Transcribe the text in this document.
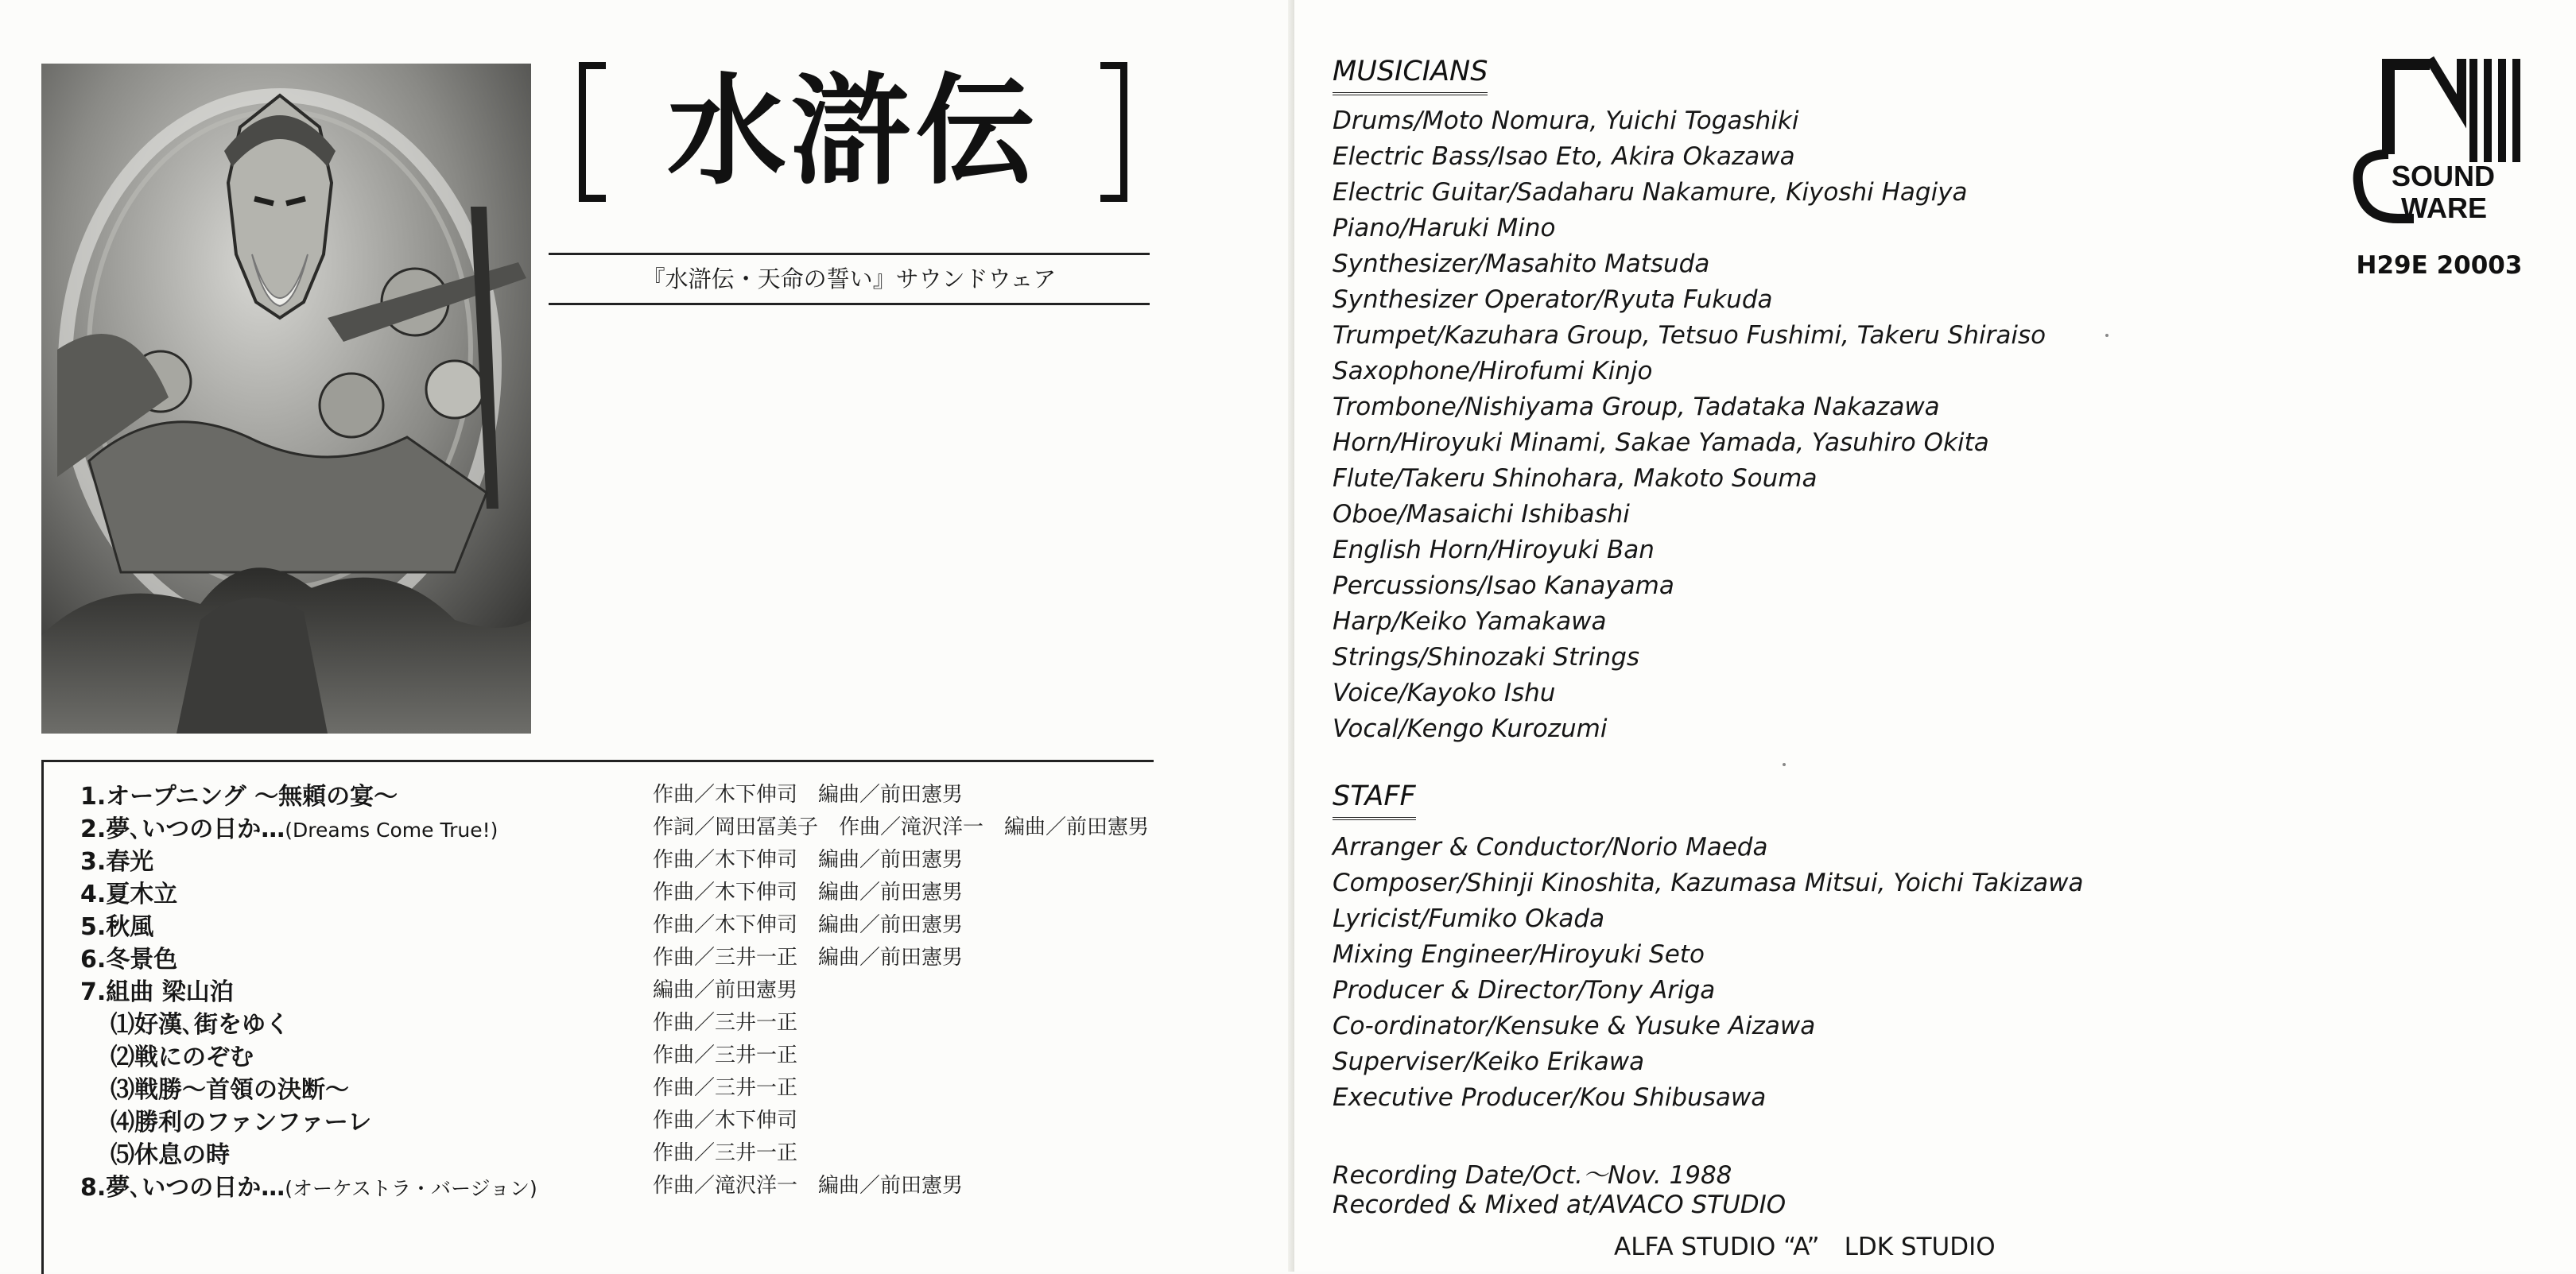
水滸伝
『水滸伝・天命の誓い』サウンドウェア
1.オープニング ～無頼の宴～	作曲／木下伸司　編曲／前田憲男
2.夢､いつの日か…(Dreams Come True!)	作詞／岡田冨美子　作曲／滝沢洋一　編曲／前田憲男
3.春光	作曲／木下伸司　編曲／前田憲男
4.夏木立	作曲／木下伸司　編曲／前田憲男
5.秋風	作曲／木下伸司　編曲／前田憲男
6.冬景色	作曲／三井一正　編曲／前田憲男
7.組曲 梁山泊	編曲／前田憲男
⑴好漢､街をゆく	作曲／三井一正
⑵戦にのぞむ	作曲／三井一正
⑶戦勝～首領の決断～	作曲／三井一正
⑷勝利のファンファーレ	作曲／木下伸司
⑸休息の時	作曲／三井一正
8.夢､いつの日か…(オーケストラ・バージョン)	作曲／滝沢洋一　編曲／前田憲男
MUSICIANS
Drums/Moto Nomura, Yuichi Togashiki
Electric Bass/Isao Eto, Akira Okazawa
Electric Guitar/Sadaharu Nakamure, Kiyoshi Hagiya
Piano/Haruki Mino
Synthesizer/Masahito Matsuda
Synthesizer Operator/Ryuta Fukuda
Trumpet/Kazuhara Group, Tetsuo Fushimi, Takeru Shiraiso
Saxophone/Hirofumi Kinjo
Trombone/Nishiyama Group, Tadataka Nakazawa
Horn/Hiroyuki Minami, Sakae Yamada, Yasuhiro Okita
Flute/Takeru Shinohara, Makoto Souma
Oboe/Masaichi Ishibashi
English Horn/Hiroyuki Ban
Percussions/Isao Kanayama
Harp/Keiko Yamakawa
Strings/Shinozaki Strings
Voice/Kayoko Ishu
Vocal/Kengo Kurozumi
STAFF
Arranger & Conductor/Norio Maeda
Composer/Shinji Kinoshita, Kazumasa Mitsui, Yoichi Takizawa
Lyricist/Fumiko Okada
Mixing Engineer/Hiroyuki Seto
Producer & Director/Tony Ariga
Co-ordinator/Kensuke & Yusuke Aizawa
Superviser/Keiko Erikawa
Executive Producer/Kou Shibusawa
Recording Date/Oct.～Nov. 1988
Recorded & Mixed at/AVACO STUDIO
ALFA STUDIO “A”　LDK STUDIO
SOUND
WARE
H29E 20003
